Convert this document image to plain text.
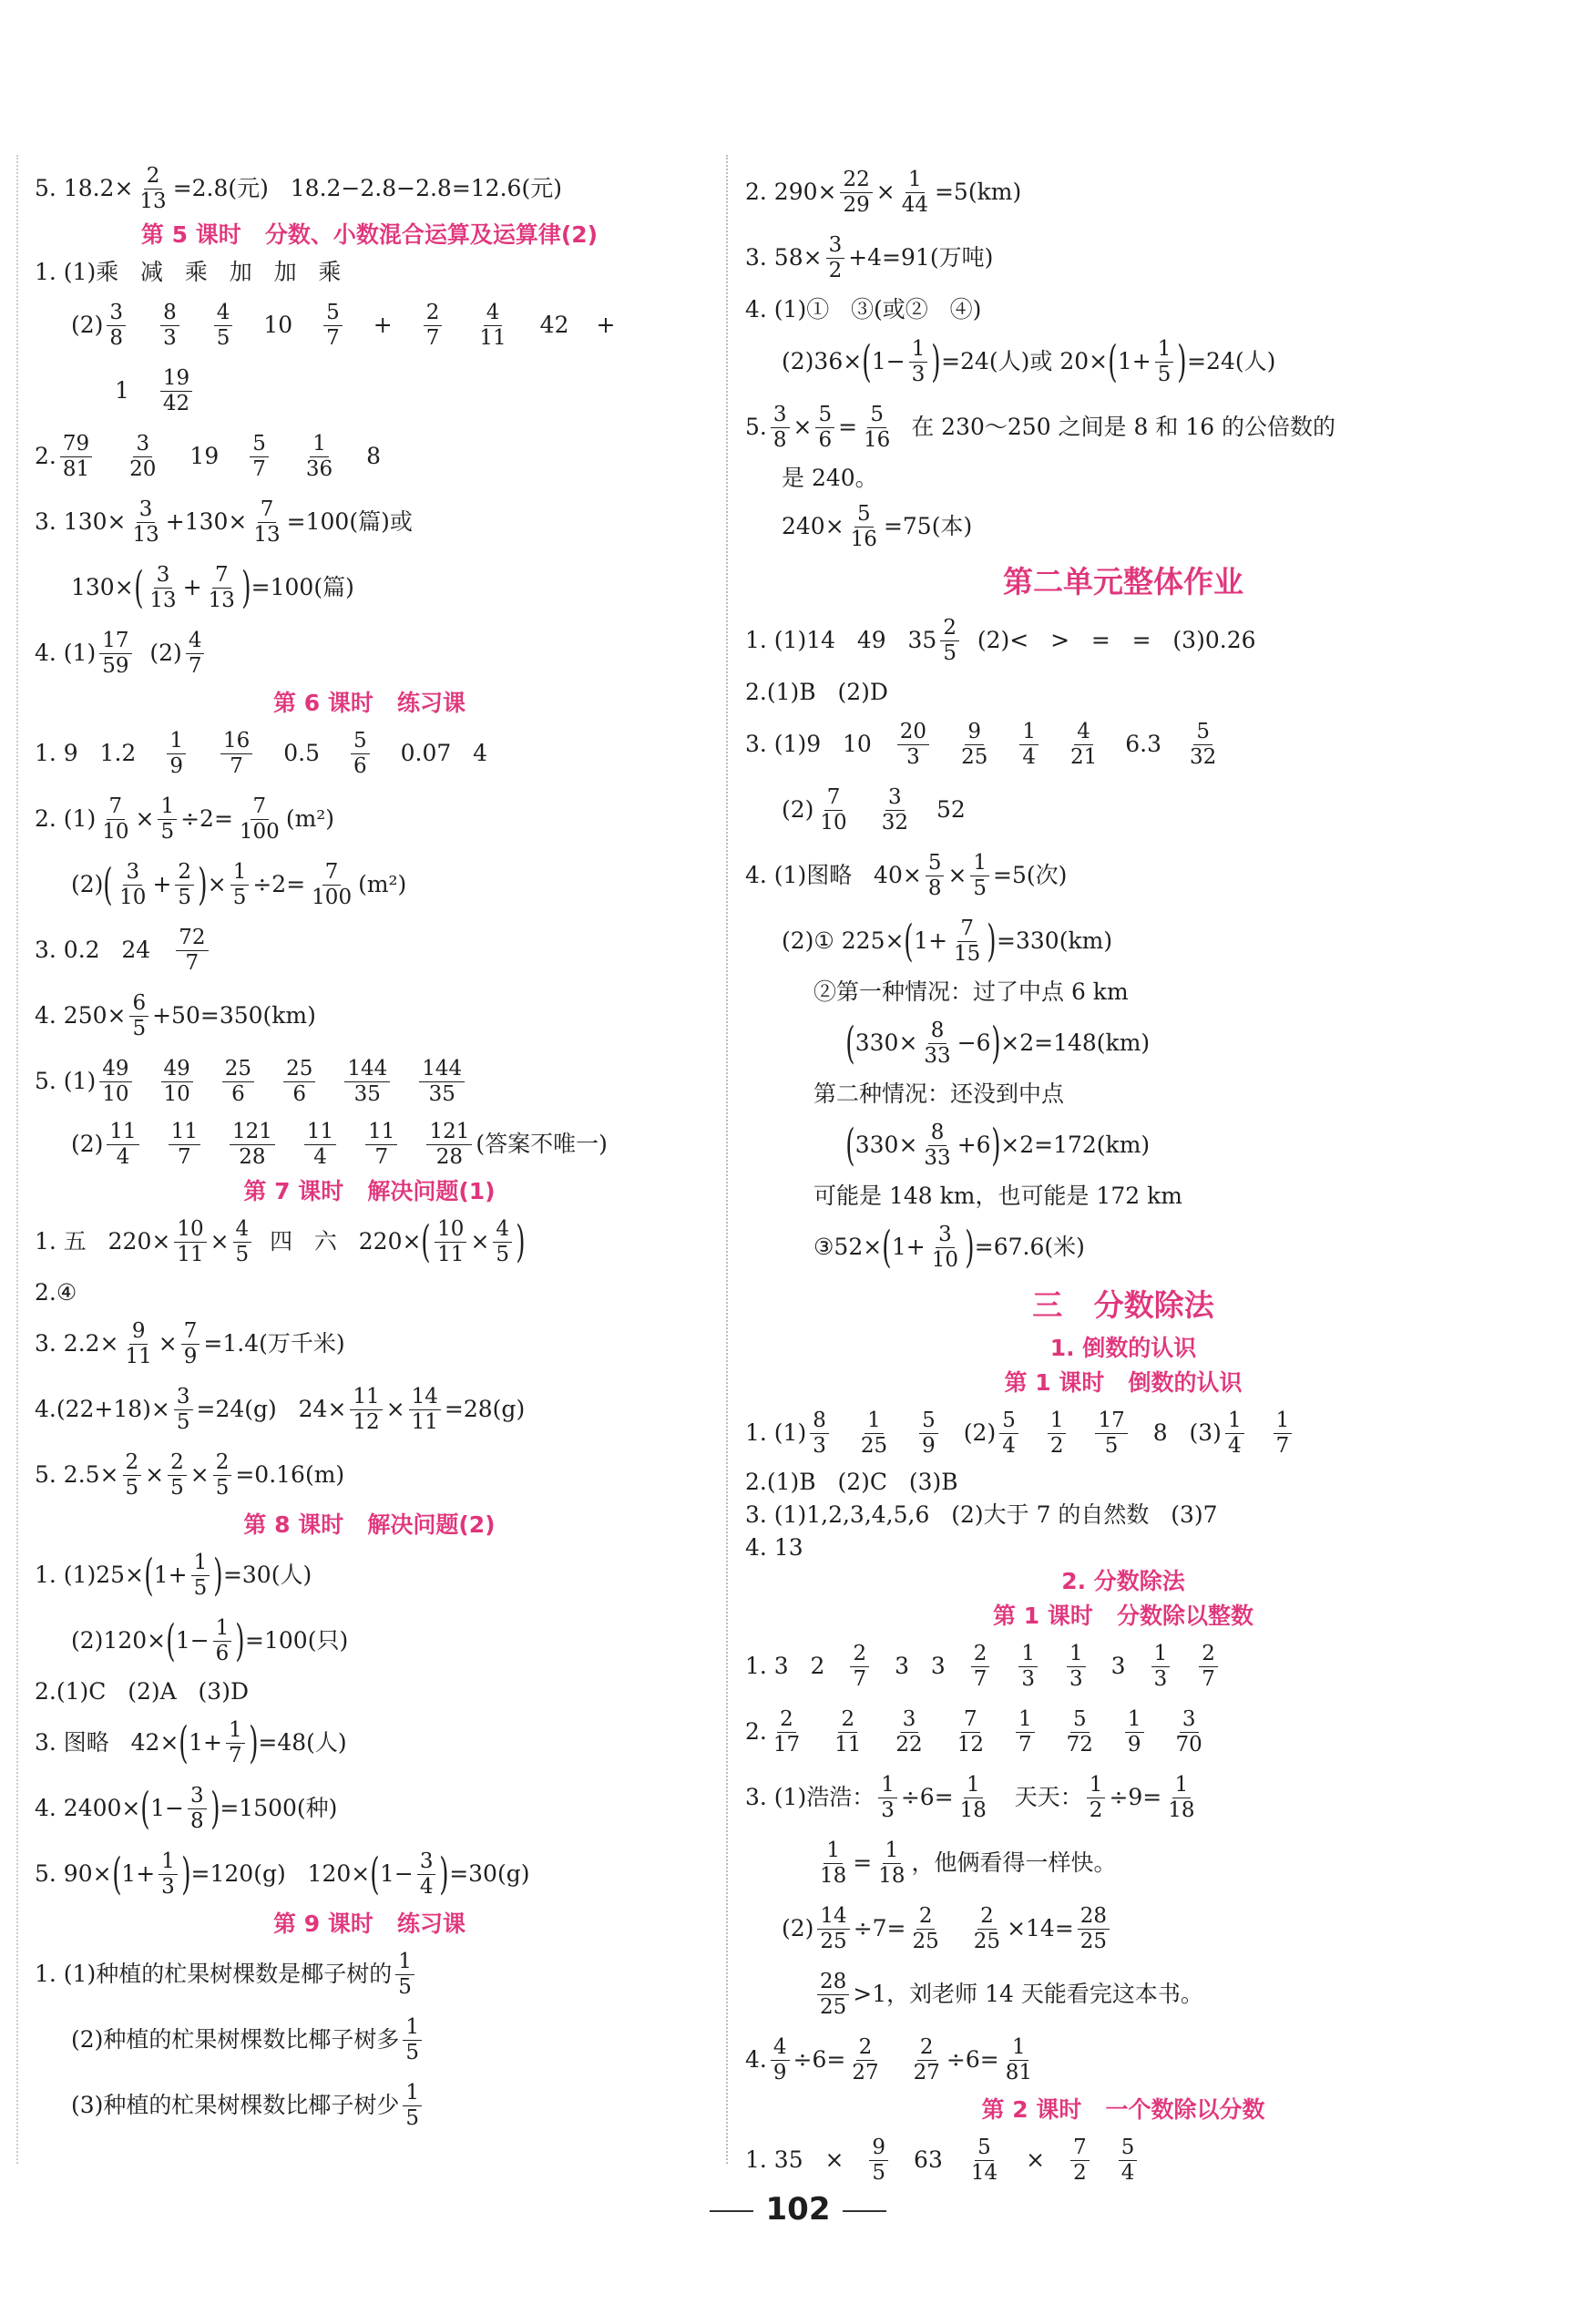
5. $18.2\times \frac{2}{13} =2.8$(元)   18.2−2.8−2.8=12.6(元)
第 5 课时   分数、小数混合运算及运算律(2)
1. (1)乘   减   乘   加   加   乘
$(2) \frac{3}{8} \frac{8}{3} \frac{4}{5} 10 \frac{5}{7} + \frac{2}{7} \frac{4}{11} 42$ +
$1 \frac{19}{42}$
2. $\frac{79}{81} \frac{3}{20} 19 \frac{5}{7} \frac{1}{36} 8$
3. $130\times \frac{3}{13} +130\times \frac{7}{13} =100$(篇)或
130× ( $\frac{3}{13} + \frac{7}{13}$ ) =100(篇)
4. $(1) \frac{17}{59} (2) \frac{4}{7}$
第 6 课时   练习课
1. 9   $1.2 \frac{1}{9} \frac{16}{7} 0.5 \frac{5}{6} 0.07$   4
2. $(1) \frac{7}{10} \times \frac{1}{5} \div 2= \frac{7}{100} (m^2)$
(2) ( $\frac{3}{10} + \frac{2}{5}$ ) × $\frac{1}{5} \div 2= \frac{7}{100} (m^2)$
3. 0.2   $24 \frac{72}{7}$
4. $250\times \frac{6}{5} +50=350(km)$
5. $(1) \frac{49}{10} \frac{49}{10} \frac{25}{6} \frac{25}{6} \frac{144}{35} \frac{144}{35}$
$(2) \frac{11}{4} \frac{11}{7} \frac{121}{28} \frac{11}{4} \frac{11}{7} \frac{121}{28}$ (答案不唯一)
第 7 课时   解决问题(1)
1. 五   $220\times \frac{10}{11} \times \frac{4}{5}$ 四   六   220× ( $\frac{10}{11} \times \frac{4}{5}$ )
2.④
3. $2.2\times \frac{9}{11} \times \frac{7}{9} =1.4$(万千米)
$4.(22+18)\times \frac{3}{5} =24(g)$   $24\times \frac{11}{12} \times \frac{14}{11} =28(g)$
5. $2.5\times \frac{2}{5} \times \frac{2}{5} \times \frac{2}{5} =0.16(m)$
第 8 课时   解决问题(2)
1. (1)25× ( $1+ \frac{1}{5}$ ) =30(人)
(2)120× ( $1- \frac{1}{6}$ ) =100(只)
2.(1)C   (2)A   (3)D
3. 图略   42× ( $1+ \frac{1}{7}$ ) =48(人)
4. 2400× ( $1- \frac{3}{8}$ ) =1500(种)
5. 90× ( $1+ \frac{1}{3}$ ) =120(g)   120× ( $1- \frac{3}{4}$ ) =30(g)
第 9 课时   练习课
1. (1)种植的杧果树棵数是椰子树的 $\frac{1}{5}$
(2)种植的杧果树棵数比椰子树多 $\frac{1}{5}$
(3)种植的杧果树棵数比椰子树少 $\frac{1}{5}$
2. $290\times \frac{22}{29} \times \frac{1}{44} =5(km)$
3. $58\times \frac{3}{2} +4=91$(万吨)
4. (1)①   ③(或②   ④)
(2)36× ( $1- \frac{1}{3}$ ) =24(人)或 20× ( $1+ \frac{1}{5}$ ) =24(人)
5. $\frac{3}{8} \times \frac{5}{6} = \frac{5}{16}$ 在 230～250 之间是 8 和 16 的公倍数的
是 240。
$240\times \frac{5}{16} =75$(本)
第二单元整体作业
1. (1)14   49   $35 \frac{2}{5} (2)<$   >   =   =   (3)0.26
2.(1)B   (2)D
3. (1)9   $10 \frac{20}{3} \frac{9}{25} \frac{1}{4} \frac{4}{21} 6.3 \frac{5}{32}$
$(2) \frac{7}{10} \frac{3}{32} 52$
4. (1)图略   $40\times \frac{5}{8} \times \frac{1}{5} =5$(次)
(2)① 225× ( $1+ \frac{7}{15}$ ) =330(km)
②第一种情况：过了中点 6 km
( $330\times \frac{8}{33} -6$ ) ×2=148(km)
第二种情况：还没到中点
( $330\times \frac{8}{33} +6$ ) ×2=172(km)
可能是 148 km，也可能是 172 km
③52× ( $1+ \frac{3}{10}$ ) =67.6(米)
三   分数除法
1. 倒数的认识
第 1 课时   倒数的认识
1. $(1) \frac{8}{3} \frac{1}{25} \frac{5}{9} (2) \frac{5}{4} \frac{1}{2} \frac{17}{5} 8$   $(3) \frac{1}{4} \frac{1}{7}$
2.(1)B   (2)C   (3)B
3. (1)1,2,3,4,5,6   (2)大于 7 的自然数   (3)7
4. 13
2. 分数除法
第 1 课时   分数除以整数
1. 3   $2 \frac{2}{7} 3$   $3 \frac{2}{7} \frac{1}{3} \frac{1}{3} 3 \frac{1}{3} \frac{2}{7}$
2. $\frac{2}{17} \frac{2}{11} \frac{3}{22} \frac{7}{12} \frac{1}{7} \frac{5}{72} \frac{1}{9} \frac{3}{70}$
3. (1)浩浩： $\frac{1}{3} \div 6= \frac{1}{18}$ 天天： $\frac{1}{2} \div 9= \frac{1}{18}$
$\frac{1}{18} = \frac{1}{18}$ ，他俩看得一样快。
$(2) \frac{14}{25} \div 7= \frac{2}{25} \frac{2}{25} \times 14= \frac{28}{25}$
$\frac{28}{25} >1$，刘老师 14 天能看完这本书。
4. $\frac{4}{9} \div 6= \frac{2}{27} \frac{2}{27} \div 6= \frac{1}{81}$
第 2 课时   一个数除以分数
1. $35 \times \frac{9}{5} 63 \frac{5}{14} \times \frac{7}{2} \frac{5}{4}$
102
